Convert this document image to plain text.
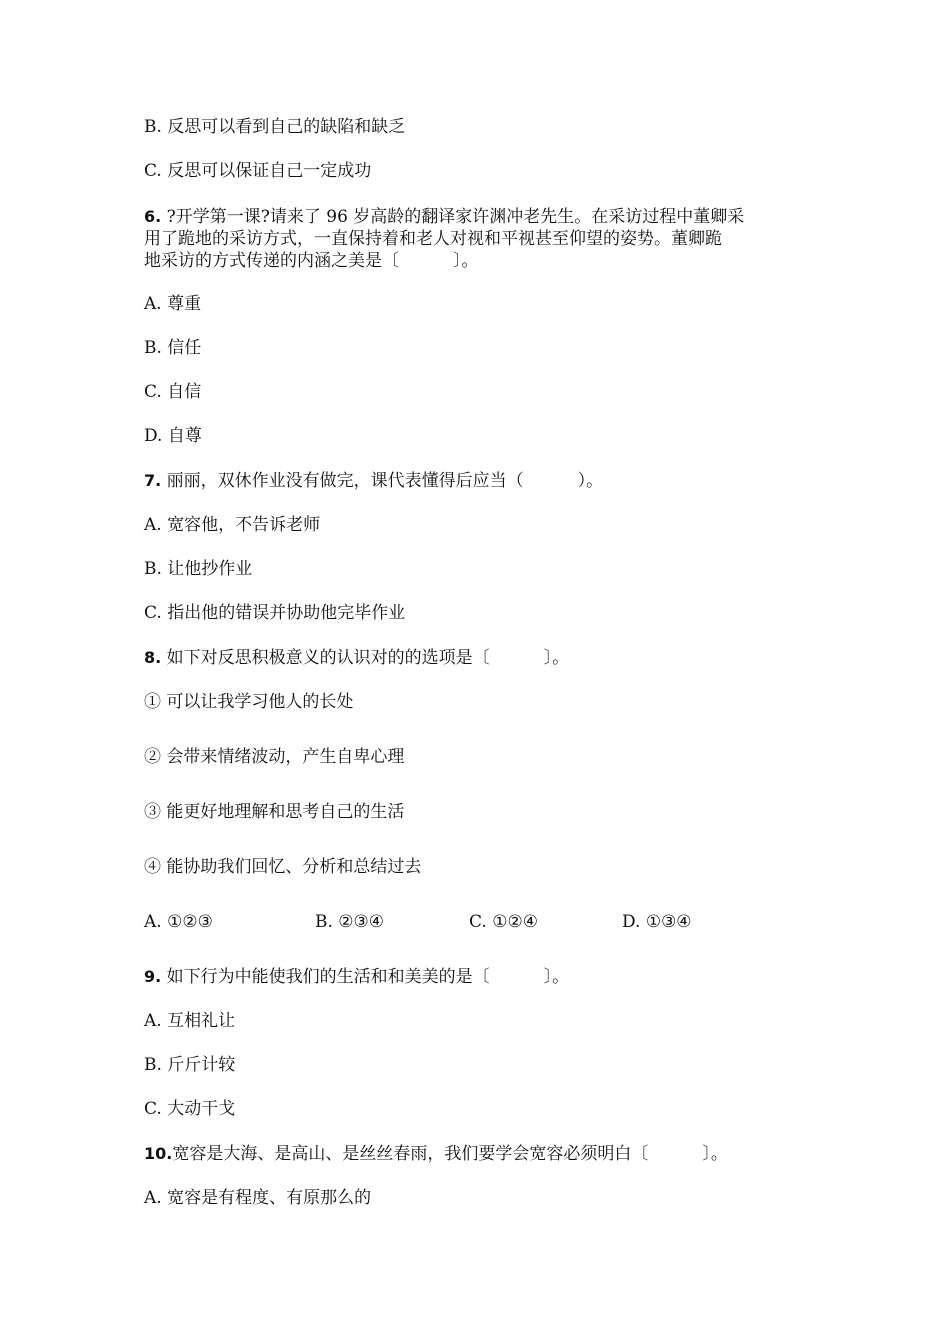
B. 反思可以看到自己的缺陷和缺乏
C. 反思可以保证自己一定成功
6. ?开学第一课?请来了 96 岁高龄的翻译家许渊冲老先生。在采访过程中董卿采
用了跪地的采访方式，一直保持着和老人对视和平视甚至仰望的姿势。董卿跪
地采访的方式传递的内涵之美是〔          〕。
A. 尊重
B. 信任
C. 自信
D. 自尊
7. 丽丽，双休作业没有做完，课代表懂得后应当（          ）。
A. 宽容他，不告诉老师
B. 让他抄作业
C. 指出他的错误并协助他完毕作业
8. 如下对反思积极意义的认识对的的选项是〔          〕。
① 可以让我学习他人的长处
② 会带来情绪波动，产生自卑心理
③ 能更好地理解和思考自己的生活
④ 能协助我们回忆、分析和总结过去
A. ①②③	B. ②③④	C. ①②④	D. ①③④
9. 如下行为中能使我们的生活和和美美的是〔          〕。
A. 互相礼让
B. 斤斤计较
C. 大动干戈
10.宽容是大海、是高山、是丝丝春雨，我们要学会宽容必须明白〔          〕。
A. 宽容是有程度、有原那么的
